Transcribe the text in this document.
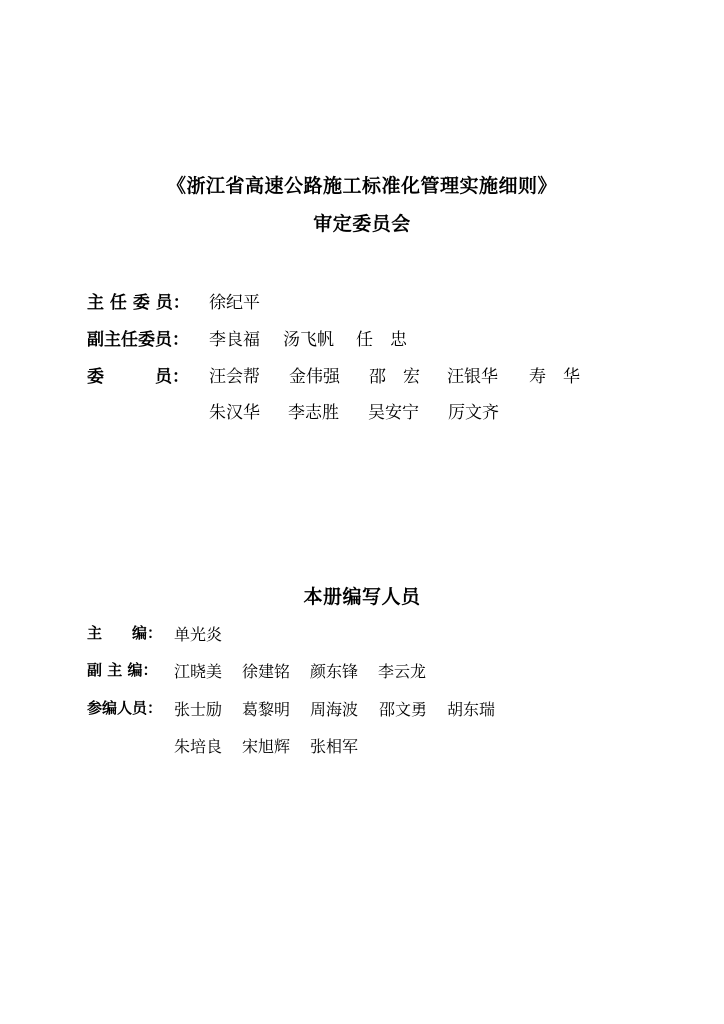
《浙江省高速公路施工标准化管理实施细则》
审定委员会
主 任 委 员： 徐纪平
副主任委员： 李良福 汤飞帆 任　忠
委　　　员： 汪会帮 金伟强 邵　宏 汪银华 寿　华
朱汉华 李志胜 吴安宁 厉文齐
本册编写人员
主　　编： 单光炎
副 主 编： 江晓美 徐建铭 颜东锋 李云龙
参编人员： 张士励 葛黎明 周海波 邵文勇 胡东瑞
朱培良 宋旭辉 张相军
